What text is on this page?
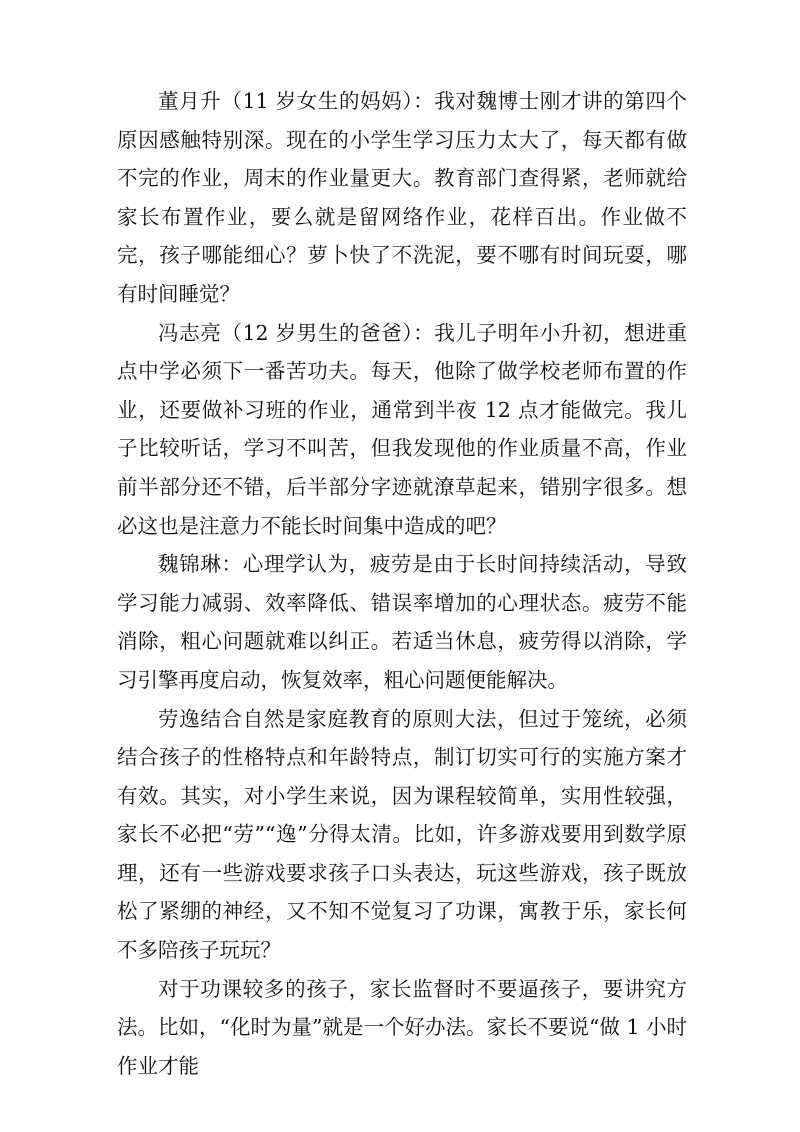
董月升（11 岁女生的妈妈）：我对魏博士刚才讲的第四个原因感触特别深。现在的小学生学习压力太大了，每天都有做不完的作业，周末的作业量更大。教育部门查得紧，老师就给家长布置作业，要么就是留网络作业，花样百出。作业做不完，孩子哪能细心？萝卜快了不洗泥，要不哪有时间玩耍，哪有时间睡觉？

冯志亮（12 岁男生的爸爸）：我儿子明年小升初，想进重点中学必须下一番苦功夫。每天，他除了做学校老师布置的作业，还要做补习班的作业，通常到半夜 12 点才能做完。我儿子比较听话，学习不叫苦，但我发现他的作业质量不高，作业前半部分还不错，后半部分字迹就潦草起来，错别字很多。想必这也是注意力不能长时间集中造成的吧？

魏锦琳：心理学认为，疲劳是由于长时间持续活动，导致学习能力减弱、效率降低、错误率增加的心理状态。疲劳不能消除，粗心问题就难以纠正。若适当休息，疲劳得以消除，学习引擎再度启动，恢复效率，粗心问题便能解决。

劳逸结合自然是家庭教育的原则大法，但过于笼统，必须结合孩子的性格特点和年龄特点，制订切实可行的实施方案才有效。其实，对小学生来说，因为课程较简单，实用性较强，家长不必把“劳”“逸”分得太清。比如，许多游戏要用到数学原理，还有一些游戏要求孩子口头表达，玩这些游戏，孩子既放松了紧绷的神经，又不知不觉复习了功课，寓教于乐，家长何不多陪孩子玩玩？

对于功课较多的孩子，家长监督时不要逼孩子，要讲究方法。比如，“化时为量”就是一个好办法。家长不要说“做 1 小时作业才能
